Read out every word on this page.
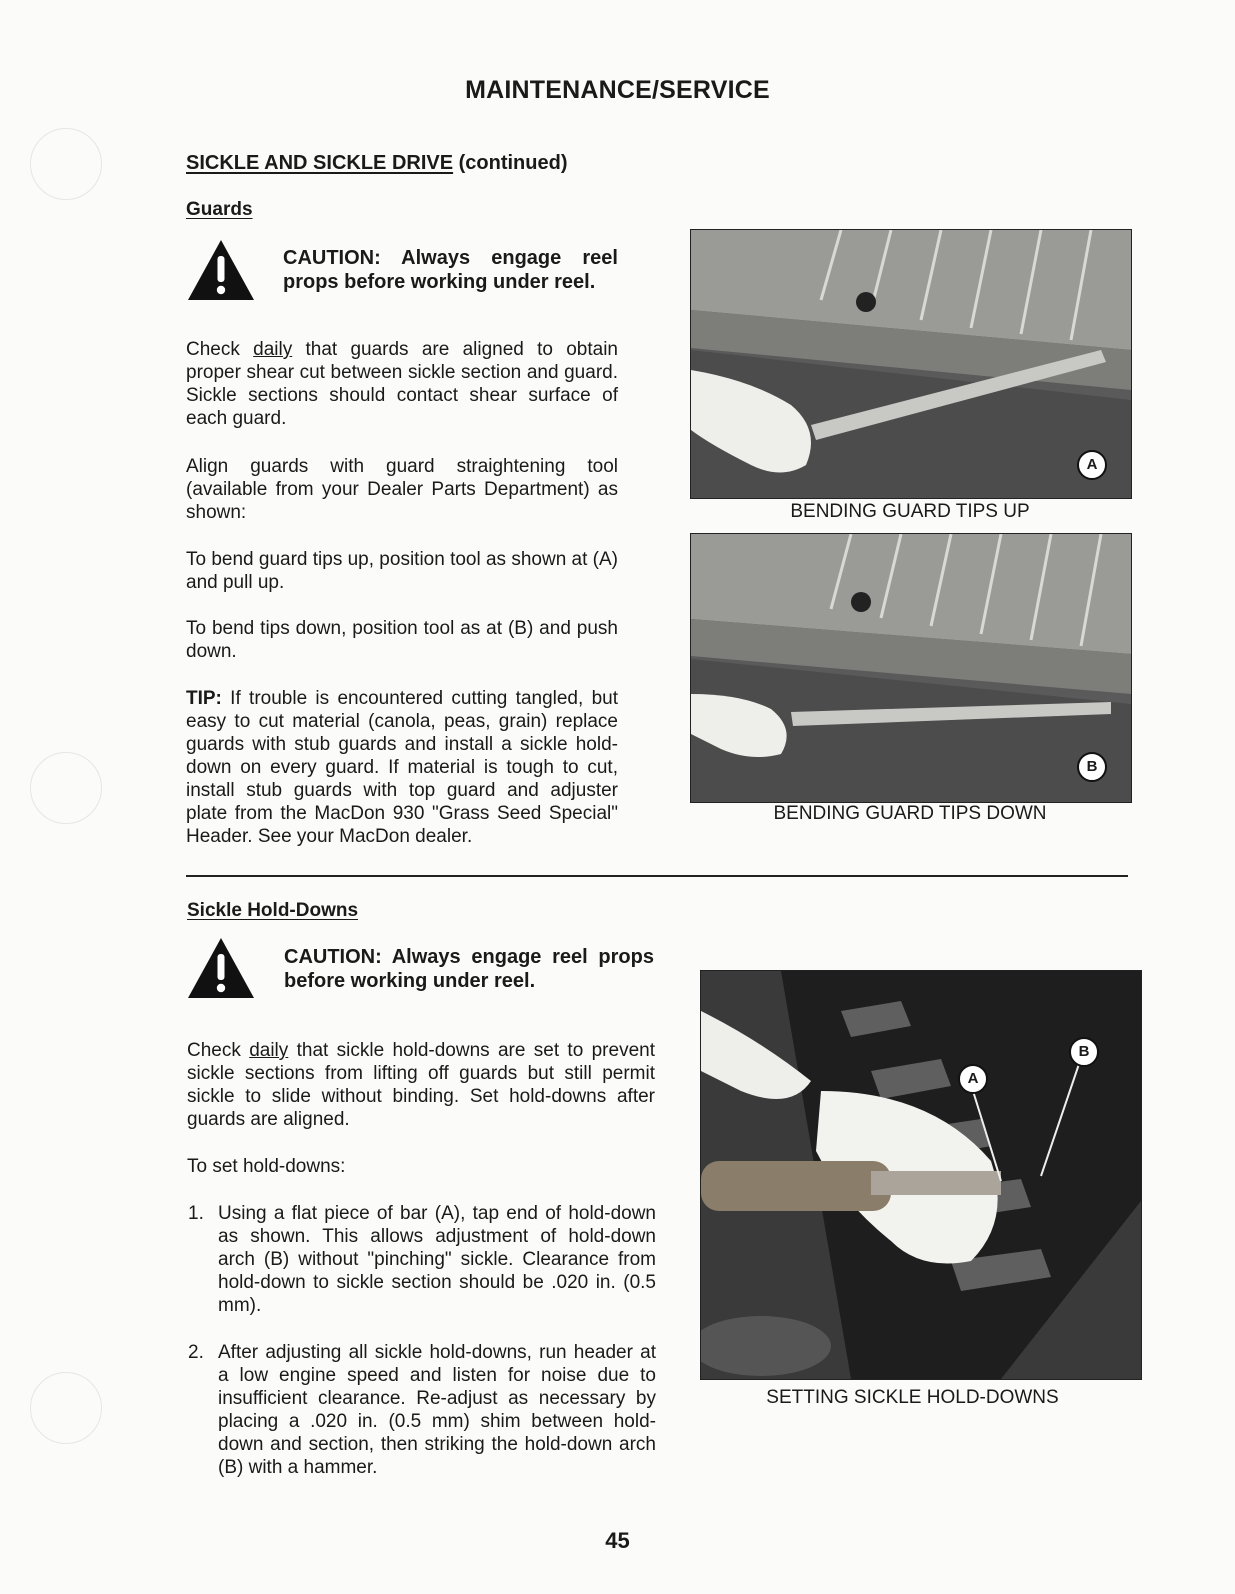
MAINTENANCE/SERVICE
SICKLE AND SICKLE DRIVE (continued)
Guards
CAUTION: Always engage reel props before working under reel.
Check daily that guards are aligned to obtain proper shear cut between sickle section and guard. Sickle sections should contact shear surface of each guard.
Align guards with guard straightening tool (available from your Dealer Parts Department) as shown:
To bend guard tips up, position tool as shown at (A) and pull up.
To bend tips down, position tool as at (B) and push down.
TIP: If trouble is encountered cutting tangled, but easy to cut material (canola, peas, grain) replace guards with stub guards and install a sickle hold-down on every guard. If material is tough to cut, install stub guards with top guard and adjuster plate from the MacDon 930 "Grass Seed Special" Header. See your MacDon dealer.
A
BENDING GUARD TIPS UP
B
BENDING GUARD TIPS DOWN
Sickle Hold-Downs
CAUTION: Always engage reel props before working under reel.
Check daily that sickle hold-downs are set to prevent sickle sections from lifting off guards but still permit sickle to slide without binding. Set hold-downs after guards are aligned.
To set hold-downs:
1. Using a flat piece of bar (A), tap end of hold-down as shown. This allows adjustment of hold-down arch (B) without "pinching" sickle. Clearance from hold-down to sickle section should be .020 in. (0.5 mm).
2. After adjusting all sickle hold-downs, run header at a low engine speed and listen for noise due to insufficient clearance. Re-adjust as necessary by placing a .020 in. (0.5 mm) shim between hold-down and section, then striking the hold-down arch (B) with a hammer.
A
B
SETTING SICKLE HOLD-DOWNS
45
